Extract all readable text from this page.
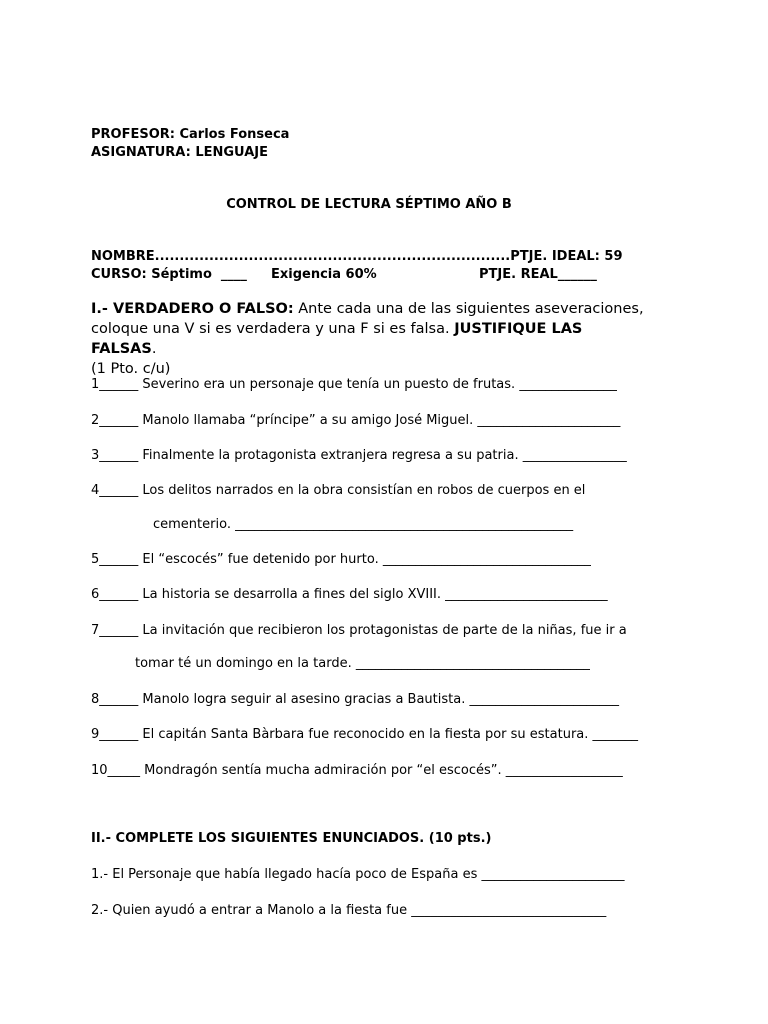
PROFESOR: Carlos Fonseca
ASIGNATURA: LENGUAJE
CONTROL DE LECTURA SÉPTIMO AÑO B
NOMBRE........................................................................PTJE. IDEAL: 59
CURSO: Séptimo  ____ Exigencia 60%	PTJE. REAL______
I.- VERDADERO O FALSO: Ante cada una de las siguientes aseveraciones, coloque una V si es verdadera y una F si es falsa. JUSTIFIQUE LAS FALSAS.
(1 Pto. c/u)
1______ Severino era un personaje que tenía un puesto de frutas. _______________
2______ Manolo llamaba “príncipe” a su amigo José Miguel. ______________________
3______ Finalmente la protagonista extranjera regresa a su patria. ________________
4______ Los delitos narrados en la obra consistían en robos de cuerpos en el
cementerio. ____________________________________________________
5______ El “escocés” fue detenido por hurto. ________________________________
6______ La historia se desarrolla a fines del siglo XVIII. _________________________
7______ La invitación que recibieron los protagonistas de parte de la niñas, fue ir a
tomar té un domingo en la tarde. ____________________________________
8______ Manolo logra seguir al asesino gracias a Bautista. _______________________
9______ El capitán Santa Bàrbara fue reconocido en la fiesta por su estatura. _______
10_____ Mondragón sentía mucha admiración por “el escocés”. __________________
II.- COMPLETE LOS SIGUIENTES ENUNCIADOS. (10 pts.)
1.- El Personaje que había llegado hacía poco de España es ______________________
2.- Quien ayudó a entrar a Manolo a la fiesta fue ______________________________
